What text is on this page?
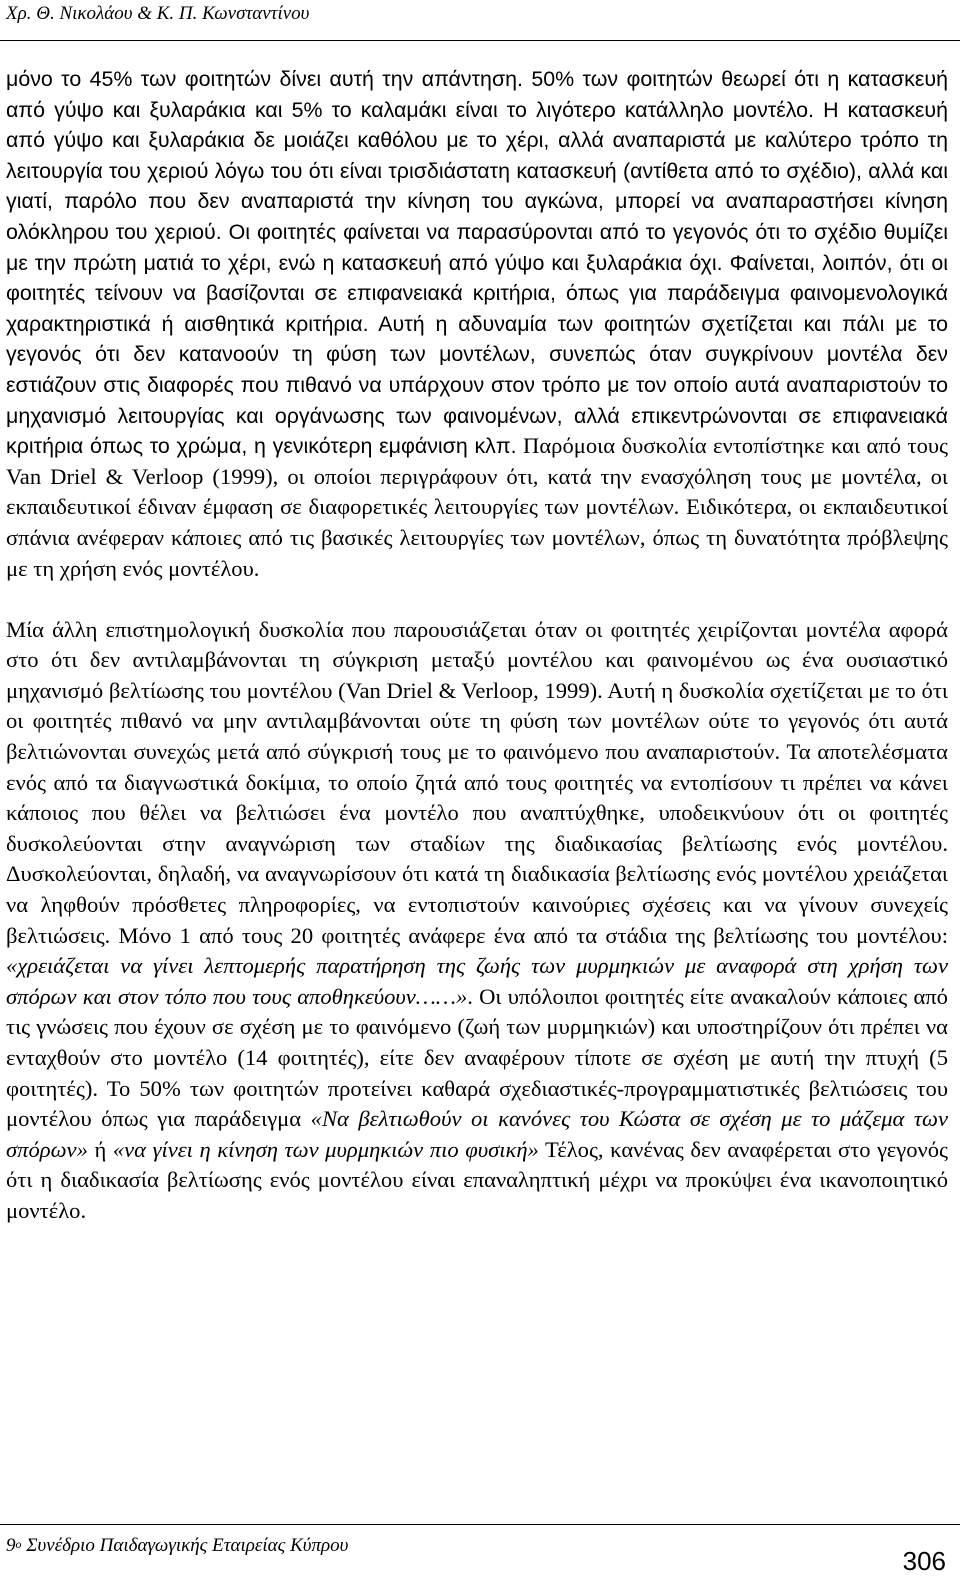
Χρ. Θ. Νικολάου & Κ. Π. Κωνσταντίνου

μόνο το 45% των φοιτητών δίνει αυτή την απάντηση. 50% των φοιτητών θεωρεί ότι η κατασκευή από γύψο και ξυλαράκια και 5% το καλαμάκι είναι το λιγότερο κατάλληλο μοντέλο. Η κατασκευή από γύψο και ξυλαράκια δε μοιάζει καθόλου με το χέρι, αλλά αναπαριστά με καλύτερο τρόπο τη λειτουργία του χεριού λόγω του ότι είναι τρισδιάστατη κατασκευή (αντίθετα από το σχέδιο), αλλά και γιατί, παρόλο που δεν αναπαριστά την κίνηση του αγκώνα, μπορεί να αναπαραστήσει κίνηση ολόκληρου του χεριού. Οι φοιτητές φαίνεται να παρασύρονται από το γεγονός ότι το σχέδιο θυμίζει με την πρώτη ματιά το χέρι, ενώ η κατασκευή από γύψο και ξυλαράκια όχι. Φαίνεται, λοιπόν, ότι οι φοιτητές τείνουν να βασίζονται σε επιφανειακά κριτήρια, όπως για παράδειγμα φαινομενολογικά χαρακτηριστικά ή αισθητικά κριτήρια. Αυτή η αδυναμία των φοιτητών σχετίζεται και πάλι με το γεγονός ότι δεν κατανοούν τη φύση των μοντέλων, συνεπώς όταν συγκρίνουν μοντέλα δεν εστιάζουν στις διαφορές που πιθανό να υπάρχουν στον τρόπο με τον οποίο αυτά αναπαριστούν το μηχανισμό λειτουργίας και οργάνωσης των φαινομένων, αλλά επικεντρώνονται σε επιφανειακά κριτήρια όπως το χρώμα, η γενικότερη εμφάνιση κλπ. Παρόμοια δυσκολία εντοπίστηκε και από τους Van Driel & Verloop (1999), οι οποίοι περιγράφουν ότι, κατά την ενασχόληση τους με μοντέλα, οι εκπαιδευτικοί έδιναν έμφαση σε διαφορετικές λειτουργίες των μοντέλων. Ειδικότερα, οι εκπαιδευτικοί σπάνια ανέφεραν κάποιες από τις βασικές λειτουργίες των μοντέλων, όπως τη δυνατότητα πρόβλεψης με τη χρήση ενός μοντέλου.

Μία άλλη επιστημολογική δυσκολία που παρουσιάζεται όταν οι φοιτητές χειρίζονται μοντέλα αφορά στο ότι δεν αντιλαμβάνονται τη σύγκριση μεταξύ μοντέλου και φαινομένου ως ένα ουσιαστικό μηχανισμό βελτίωσης του μοντέλου (Van Driel & Verloop, 1999). Αυτή η δυσκολία σχετίζεται με το ότι οι φοιτητές πιθανό να μην αντιλαμβάνονται ούτε τη φύση των μοντέλων ούτε το γεγονός ότι αυτά βελτιώνονται συνεχώς μετά από σύγκρισή τους με το φαινόμενο που αναπαριστούν. Τα αποτελέσματα ενός από τα διαγνωστικά δοκίμια, το οποίο ζητά από τους φοιτητές να εντοπίσουν τι πρέπει να κάνει κάποιος που θέλει να βελτιώσει ένα μοντέλο που αναπτύχθηκε, υποδεικνύουν ότι οι φοιτητές δυσκολεύονται στην αναγνώριση των σταδίων της διαδικασίας βελτίωσης ενός μοντέλου. Δυσκολεύονται, δηλαδή, να αναγνωρίσουν ότι κατά τη διαδικασία βελτίωσης ενός μοντέλου χρειάζεται να ληφθούν πρόσθετες πληροφορίες, να εντοπιστούν καινούριες σχέσεις και να γίνουν συνεχείς βελτιώσεις. Μόνο 1 από τους 20 φοιτητές ανάφερε ένα από τα στάδια της βελτίωσης του μοντέλου: «χρειάζεται να γίνει λεπτομερής παρατήρηση της ζωής των μυρμηκιών με αναφορά στη χρήση των σπόρων και στον τόπο που τους αποθηκεύουν……». Οι υπόλοιποι φοιτητές είτε ανακαλούν κάποιες από τις γνώσεις που έχουν σε σχέση με το φαινόμενο (ζωή των μυρμηκιών) και υποστηρίζουν ότι πρέπει να ενταχθούν στο μοντέλο (14 φοιτητές), είτε δεν αναφέρουν τίποτε σε σχέση με αυτή την πτυχή (5 φοιτητές). Το 50% των φοιτητών προτείνει καθαρά σχεδιαστικές-προγραμματιστικές βελτιώσεις του μοντέλου όπως για παράδειγμα «Να βελτιωθούν οι κανόνες του Κώστα σε σχέση με το μάζεμα των σπόρων» ή «να γίνει η κίνηση των μυρμηκιών πιο φυσική» Τέλος, κανένας δεν αναφέρεται στο γεγονός ότι η διαδικασία βελτίωσης ενός μοντέλου είναι επαναληπτική μέχρι να προκύψει ένα ικανοποιητικό μοντέλο.

$9^o$ Συνέδριο Παιδαγωγικής Εταιρείας Κύπρου
306
